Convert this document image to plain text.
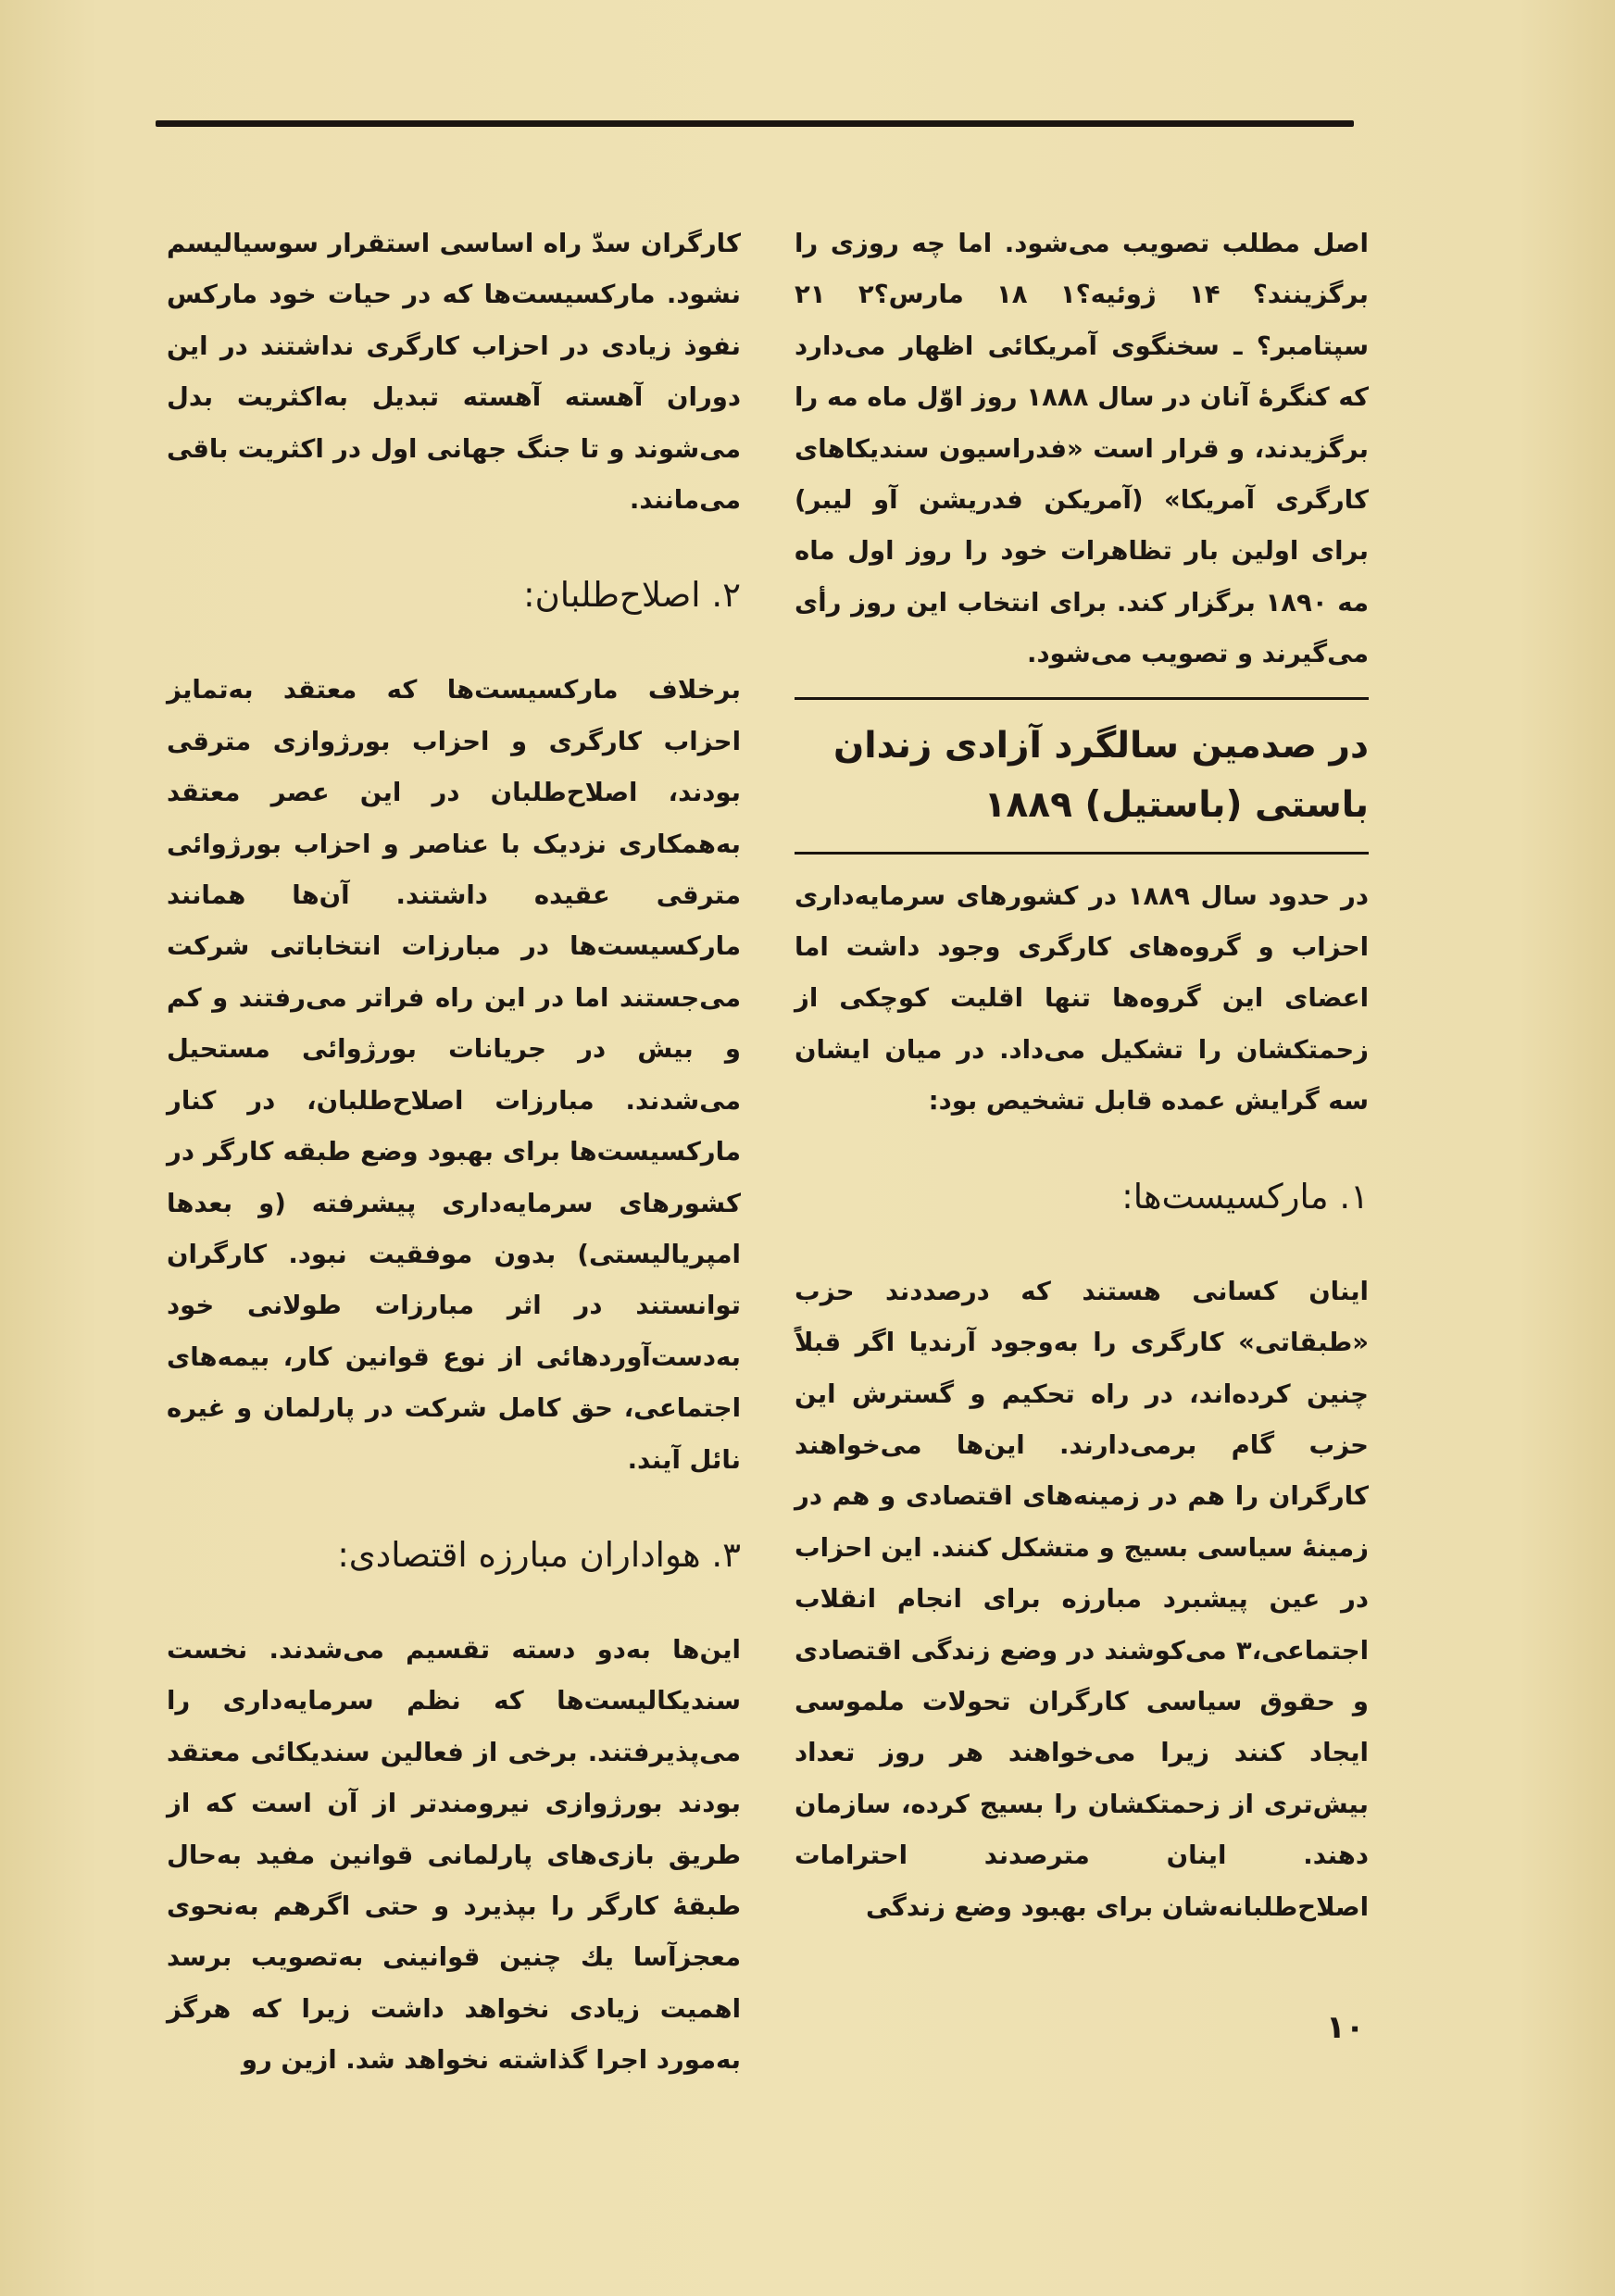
اصل مطلب تصویب می‌شود. اما چه روزی را برگزینند؟ ۱۴ ژوئیه؟۱ ۱۸ مارس؟۲ ۲۱ سپتامبر؟ ـ سخنگوی آمریکائی اظهار می‌دارد که کنگرهٔ آنان در سال ۱۸۸۸ روز اوّل ماه مه را برگزیدند، و قرار است «فدراسیون سندیکاهای کارگری آمریکا» (آمریکن فدریشن آو لیبر) برای اولین بار تظاهرات خود را روز اول ماه مه ۱۸۹۰ برگزار کند. برای انتخاب این روز رأی می‌گیرند و تصویب می‌شود.

در صدمین سالگرد آزادی زندان باستی (باستیل) ۱۸۸۹

در حدود سال ۱۸۸۹ در کشورهای سرمایه‌داری احزاب و گروه‌های کارگری وجود داشت اما اعضای این گروه‌ها تنها اقلیت کوچکی از زحمتکشان را تشکیل می‌داد. در میان ایشان سه گرایش عمده قابل تشخیص بود:

۱. مارکسیست‌ها:

اینان کسانی هستند که درصددند حزب «طبقاتی» کارگری را به‌وجود آرندیا اگر قبلاً چنین کرده‌اند، در راه تحکیم و گسترش این حزب گام برمی‌دارند. این‌ها می‌خواهند کارگران را هم در زمینه‌های اقتصادی و هم در زمینهٔ سیاسی بسیج و متشکل کنند. این احزاب در عین پیشبرد مبارزه برای انجام انقلاب اجتماعی،۳ می‌کوشند در وضع زندگی اقتصادی و حقوق سیاسی کارگران تحولات ملموسی ایجاد کنند زیرا می‌خواهند هر روز تعداد بیش‌تری از زحمتکشان را بسیج کرده، سازمان دهند. اینان مترصدند احترامات اصلاح‌طلبانه‌شان برای بهبود وضع زندگی

کارگران سدّ راه اساسی استقرار سوسیالیسم نشود. مارکسیست‌ها که در حیات خود مارکس نفوذ زیادی در احزاب کارگری نداشتند در این دوران آهسته آهسته تبدیل به‌اکثریت بدل می‌شوند و تا جنگ جهانی اول در اکثریت باقی می‌مانند.

۲. اصلاح‌طلبان:

برخلاف مارکسیست‌ها که معتقد به‌تمایز احزاب کارگری و احزاب بورژوازی مترقی بودند، اصلاح‌طلبان در این عصر معتقد به‌همکاری نزدیک با عناصر و احزاب بورژوائی مترقی عقیده داشتند. آن‌ها همانند مارکسیست‌ها در مبارزات انتخاباتی شرکت می‌جستند اما در این راه فراتر می‌رفتند و کم و بیش در جریانات بورژوائی مستحیل می‌شدند. مبارزات اصلاح‌طلبان، در کنار مارکسیست‌ها برای بهبود وضع طبقه کارگر در کشورهای سرمایه‌داری پیشرفته (و بعدها امپریالیستی) بدون موفقیت نبود. کارگران توانستند در اثر مبارزات طولانی خود به‌دست‌آوردهائی از نوع قوانین کار، بیمه‌های اجتماعی، حق کامل شرکت در پارلمان و غیره نائل آیند.

۳. هواداران مبارزه اقتصادی:

این‌ها به‌دو دسته تقسیم می‌شدند. نخست سندیکالیست‌ها که نظم سرمایه‌داری را می‌پذیرفتند. برخی از فعالین سندیکائی معتقد بودند بورژوازی نیرومندتر از آن است که از طریق بازی‌های پارلمانی قوانین مفید به‌حال طبقهٔ کارگر را بپذیرد و حتی اگرهم به‌نحوی معجزآسا یك چنین قوانینی به‌تصویب برسد اهمیت زیادی نخواهد داشت زیرا که هرگز به‌مورد اجرا گذاشته نخواهد شد. ازین رو

۱۰
